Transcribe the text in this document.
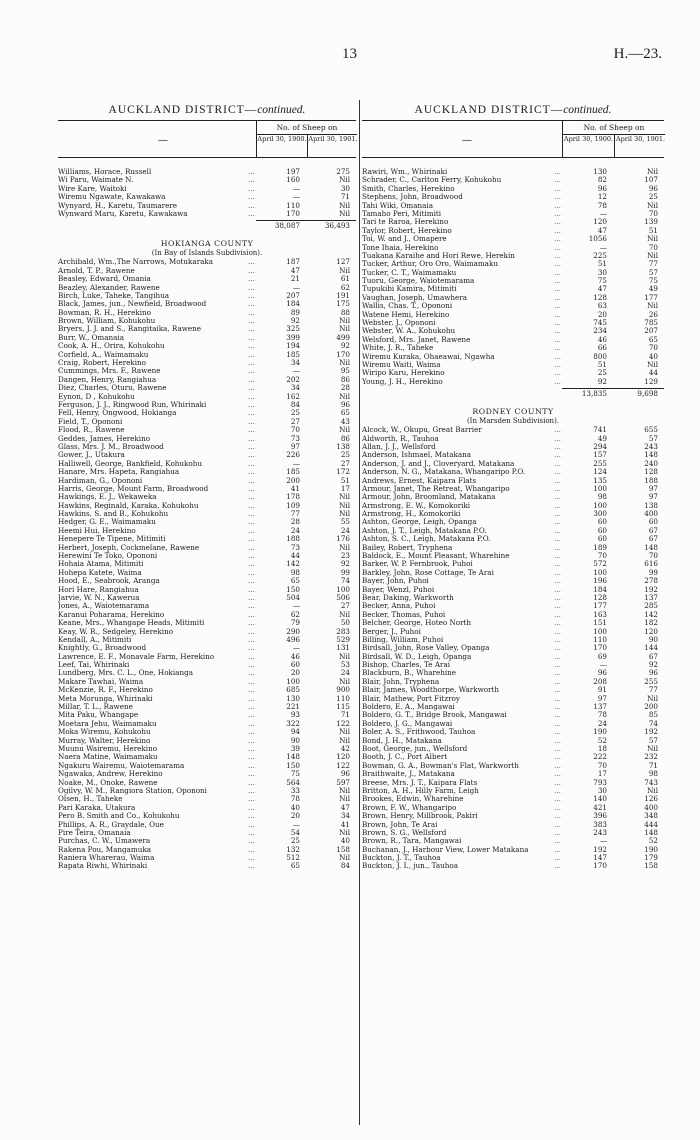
13	H.—23.
AUCKLAND DISTRICT—continued.
—
No. of Sheep on
April 30, 1900. April 30, 1901.
Williams, Horace, Russell	...	197	275
Wi Paru, Waimate N.	...	160	Nil
Wire Kare, Waitoki	...	—	30
Wiremu Ngawate, Kawakawa	...	—	71
Wynyard, H., Karetu, Taumarere	...	110	Nil
Wynward Maru, Karetu, Kawakawa	...	170	Nil
38,087	36,493
HOKIANGA COUNTY
(In Bay of Islands Subdivision).
Archibald, Wm.,The Narrows, Motukaraka	...	187	127
Arnold, T. P., Rawene	...	47	Nil
Beasley, Edward, Omania	...	21	61
Beazley, Alexander, Rawene	...	—	62
Birch, Luke, Taheke, Tangihua	...	207	191
Black, James, jun., Newfield, Broadwood	...	184	175
Bowman, R. H., Herekino	...	89	88
Brown, William, Kohukohu	...	92	Nil
Bryers, J. J. and S., Rangitaika, Rawene	...	325	Nil
Burr, W., Omanaia	...	399	499
Cook, A. H., Orira, Kohukohu	...	194	92
Corfield, A., Waimamaku	...	185	170
Craig, Robert, Herekino	...	34	Nil
Cummings, Mrs. F., Rawene	...	—	95
Dangen, Henry, Rangiahua	...	202	86
Diez, Charles, Oturu, Rawene	...	34	28
Eynon, D , Kohukohu	...	162	Nil
Ferguson, J. J., Ringwood Run, Whirinaki	...	84	96
Fell, Henry, Ongwood, Hokianga	...	25	65
Field, T., Opononi	...	27	43
Flood, R., Rawene	...	70	Nil
Geddes, James, Herekino	...	73	86
Glass, Mrs. J. M., Broadwood	...	97	138
Gower, J., Utakura	...	226	25
Halliwell, George, Bankfield, Kohukohu	...	—	27
Hanare, Mrs. Hapeta, Rangiahua	...	185	172
Hardiman, G., Opononi	...	200	51
Harris, George, Mount Farm, Broadwood	...	41	17
Hawkings, E. J., Wekaweka	...	178	Nil
Hawkins, Reginald, Karaka, Kohukohu	...	109	Nil
Hawkins, S. and B., Kohukohu	...	77	Nil
Hedger, G. E., Waimamaku	...	28	55
Heemi Hui, Herekino	...	24	24
Henepere Te Tipene, Mitimiti	...	188	176
Herbert, Joseph, Cockmelane, Rawene	...	73	Nil
Herewini Te Toko, Opononi	...	44	23
Hohaia Atama, Mitimiti	...	142	92
Hohepa Katete, Waima	...	98	99
Hood, E., Seabrook, Aranga	...	65	74
Hori Hare, Rangiahua	...	150	100
Jarvie, W. N., Kawerua	...	504	506
Jones, A., Waiotemarama	...	—	27
Karanui Poharama, Herekino	...	62	Nil
Keane, Mrs., Whangape Heads, Mitimiti	...	79	50
Keay, W. R., Sedgeley, Herekino	...	290	283
Kendall, A., Mitimiti	...	496	529
Knightly, G., Broadwood	...	—	131
Lawrence, E. F., Monavale Farm, Herekino	...	46	Nil
Leef, Tai, Whirinaki	...	60	53
Lundberg, Mrs. C. L., One, Hokianga	...	20	24
Makare Tawhai, Waima	...	100	Nil
McKenzie, R. F., Herekino	...	685	900
Meta Morunga, Whirinaki	...	130	110
Millar, T. L., Rawene	...	221	115
Mita Paku, Whangape	...	93	71
Moetara Jehu, Waimamaku	...	322	122
Moka Wiremu, Kohukohu	...	94	Nil
Murray, Walter, Herekino	...	90	Nil
Muunu Wairemu, Herekino	...	39	42
Naera Matine, Waimamaku	...	148	120
Ngakuru Wairemu, Waiotemarama	...	150	122
Ngawaka, Andrew, Herekino	...	75	96
Noake, M., Onoke, Rawene	...	564	597
Ogilvy, W. M., Rangiora Station, Opononi	...	33	Nil
Olsen, H., Taheke	...	78	Nil
Pari Karaka, Utakura	...	40	47
Pero B. Smith and Co., Kohukohu	...	20	34
Phillips, A. R., Graydale, Oue	...	—	41
Pire Teira, Omanaia	...	54	Nil
Purchas, C. W., Umawera	...	25	40
Rakena Pou, Mangamuka	...	132	158
Raniera Wharerau, Waima	...	512	Nil
Rapata Riwhi, Whirinaki	...	65	84
AUCKLAND DISTRICT—continued.
—
No. of Sheep on
April 30, 1900. April 30, 1901.
Rawiri, Wm., Whirinaki	...	130	Nil
Schrader, C., Carlton Ferry, Kohukohu	...	82	107
Smith, Charles, Herekino	...	96	96
Stephens, John, Broadwood	...	12	25
Tahi Wiki, Omanaia	...	78	Nil
Tamaho Peri, Mitimiti	...	—	70
Tari te Raroa, Herekino	...	120	139
Taylor, Robert, Herekino	...	47	51
Toi, W. and J., Omapere	...	1056	Nil
Tone Ihaia, Herekino	...	—	70
Tuakana Karaihe and Hori Rewe, Herekin	...	225	Nil
Tucker, Arthur, Oro Oro, Waimamaku	...	51	77
Tucker, C. T., Waimamaku	...	30	57
Tuoru, George, Waiotemarama	...	75	75
Tupukibi Kamira, Mitimiti	...	47	49
Vaughan, Joseph, Umawhera	...	128	177
Wallis, Chas. T., Opononi	...	63	Nil
Watene Hemi, Herekino	...	20	26
Webster, J., Opononi	...	745	785
Webster, W. A., Kohukohu	...	234	207
Welsford, Mrs. Janet, Rawene	...	46	65
White, J. R., Taheke	...	66	70
Wiremu Kuraka, Ohaeawai, Ngawha	...	800	40
Wiremu Waiti, Waima	...	51	Nil
Wiripo Karu, Herekino	...	25	44
Young, J. H., Herekino	...	92	129
13,835	9,698
RODNEY COUNTY
(In Marsden Subdivision).
Alcock, W., Okupu, Great Barrier	...	741	655
Aldworth, R., Tauhoa	...	49	57
Allan, J. J., Wellsford	...	294	243
Anderson, Ishmael, Matakana	...	157	148
Anderson, J. and J., Cloveryard, Matakana	...	255	240
Anderson, N. G., Matakana, Whangaripo P.O.	...	124	128
Andrews, Ernest, Kaipara Flats	...	135	188
Armour, Janet, The Retreat, Whangaripo	...	100	97
Armour, John, Broomland, Matakana	...	98	97
Armstrong, E. W., Komokoriki	...	100	138
Armstrong, H., Komokoriki	...	300	400
Ashton, George, Leigh, Opanga	...	60	60
Ashton, J. T., Leigh, Matakana P.O.	...	60	67
Ashton, S. C., Leigh, Matakana P.O.	...	60	67
Bailey, Robert, Tryphena	...	189	148
Baldock, E., Mount Pleasant, Wharehine	...	70	70
Barker, W. P. Fernbrook, Puhoi	...	572	616
Barkley, John, Rose Cottage, Te Arai	...	100	99
Bayer, John, Puhoi	...	196	278
Bayer, Wenzl, Puhoi	...	184	192
Bear, Daking, Warkworth	...	128	137
Becker, Anna, Puhoi	...	177	285
Becker, Thomas, Puhoi	...	163	142
Belcher, George, Hoteo North	...	151	182
Berger, J., Puhoi	...	100	120
Billing, William, Puhoi	...	110	90
Birdsall, John, Rose Valley, Opanga	...	170	144
Birdsall, W. D., Leigh, Opanga	...	69	67
Bishop, Charles, Te Arai	...	—	92
Blackburn, B., Wharehine	...	96	96
Blair, John, Tryphena	...	208	255
Blair, James, Woodthorpe, Warkworth	...	91	77
Blair, Mathew, Port Fitzroy	...	97	Nil
Boldero, E. A., Mangawai	...	137	200
Boldero, G. T., Bridge Brook, Mangawai	...	78	85
Boldero, J. G., Mangawai	...	24	74
Boler, A. S., Frithwood, Tauhoa	...	190	192
Bond, J. H., Matakana	...	52	57
Boot, George, jun., Wellsford	...	18	Nil
Booth, J. C., Port Albert	...	222	232
Bowman, G. A., Bowman's Flat, Warkworth	...	70	71
Braithwaite, J., Matakana	...	17	98
Breese, Mrs. J. T., Kaipara Flats	...	793	743
Britton, A. H., Hilly Farm, Leigh	...	30	Nil
Brookes, Edwin, Wharehine	...	140	126
Brown, F. W., Whangaripo	...	421	400
Brown, Henry, Millbrook, Pakiri	...	396	348
Brown, John, Te Arai	...	383	444
Brown, S. G., Wellsford	...	243	148
Brown, R., Tara, Mangawai	...	—	52
Buchanan, J., Harbour View, Lower Matakana	...	192	190
Buckton, J. T., Tauhoa	...	147	179
Buckton, J. I., jun., Tauhoa	...	170	158
